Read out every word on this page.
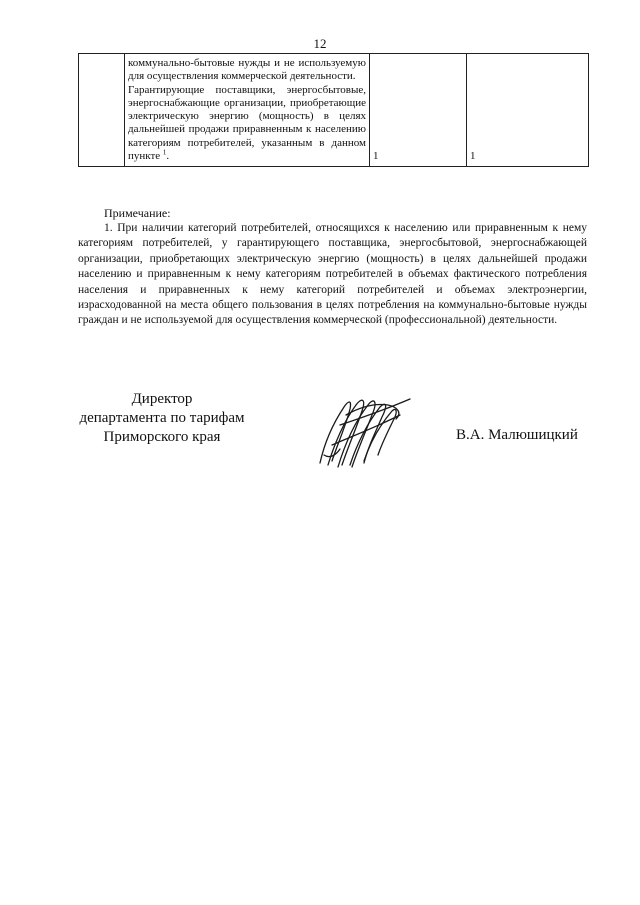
12

коммунально-бытовые нужды и не используемую для осуществления коммерческой деятельности.
Гарантирующие поставщики, энергосбытовые, энергоснабжающие организации, приобретающие электрическую энергию (мощность) в целях дальнейшей продажи приравненным к населению категориям потребителей, указанным в данном пункте $^1$.	1	1
Примечание:

1. При наличии категорий потребителей, относящихся к населению или приравненным к нему категориям потребителей, у гарантирующего поставщика, энергосбытовой, энергоснабжающей организации, приобретающих электрическую энергию (мощность) в целях дальнейшей продажи населению и приравненным к нему категориям потребителей в объемах фактического потребления населения и приравненных к нему категорий потребителей и объемах электроэнергии, израсходованной на места общего пользования в целях потребления на коммунально-бытовые нужды граждан и не используемой для осуществления коммерческой (профессиональной) деятельности.

Директор
департамента по тарифам
Приморского края	В.А. Малюшицкий
